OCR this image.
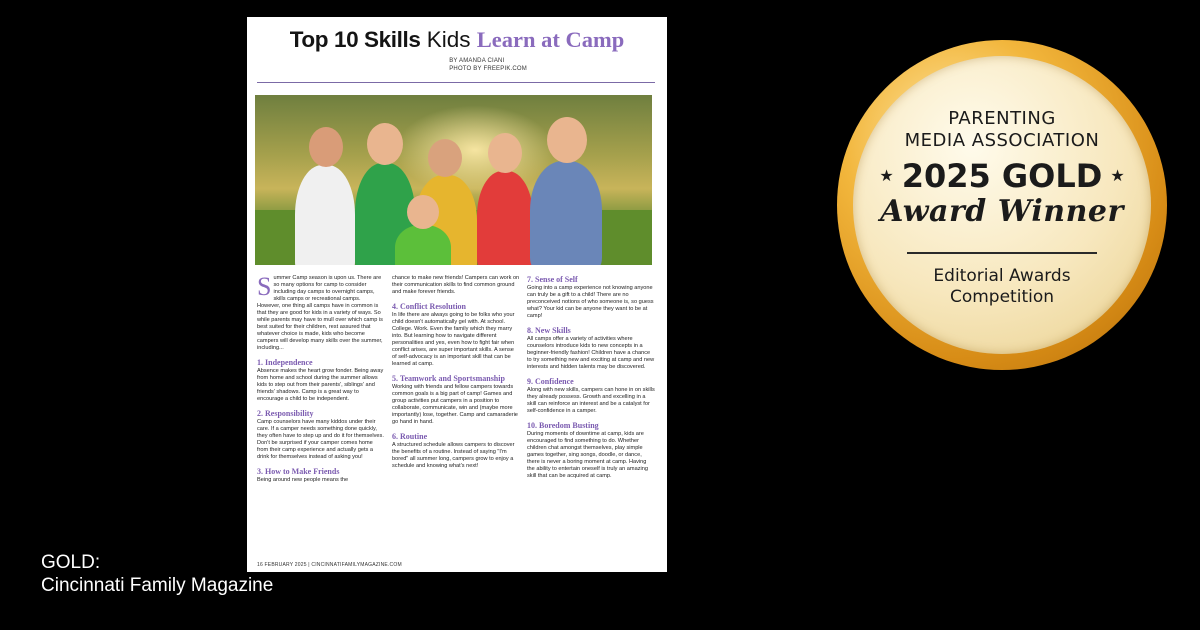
Top 10 Skills Kids Learn at Camp
BY AMANDA CIANI
PHOTO BY FREEPIK.COM

Summer Camp season is upon us. There are so many options for camp to consider including day camps to overnight camps, skills camps or recreational camps. However, one thing all camps have in common is that they are good for kids in a variety of ways. So while parents may have to mull over which camp is best suited for their children, rest assured that whatever choice is made, kids who become campers will develop many skills over the summer, including...

1. Independence

Absence makes the heart grow fonder. Being away from home and school during the summer allows kids to step out from their parents', siblings' and friends' shadows. Camp is a great way to encourage a child to be independent.

2. Responsibility

Camp counselors have many kiddos under their care. If a camper needs something done quickly, they often have to step up and do it for themselves. Don't be surprised if your camper comes home from their camp experience and actually gets a drink for themselves instead of asking you!

3. How to Make Friends

Being around new people means the

chance to make new friends! Campers can work on their communication skills to find common ground and make forever friends.

4. Conflict Resolution

In life there are always going to be folks who your child doesn't automatically gel with. At school. College. Work. Even the family which they marry into. But learning how to navigate different personalities and yes, even how to fight fair when conflict arises, are super important skills. A sense of self-advocacy is an important skill that can be learned at camp.

5. Teamwork and Sportsmanship

Working with friends and fellow campers towards common goals is a big part of camp! Games and group activities put campers in a position to collaborate, communicate, win and (maybe more importantly) lose, together. Camp and camaraderie go hand in hand.

6. Routine

A structured schedule allows campers to discover the benefits of a routine. Instead of saying "I'm bored" all summer long, campers grow to enjoy a schedule and knowing what's next!

7. Sense of Self

Going into a camp experience not knowing anyone can truly be a gift to a child! There are no preconceived notions of who someone is, so guess what? Your kid can be anyone they want to be at camp!

8. New Skills

All camps offer a variety of activities where counselors introduce kids to new concepts in a beginner-friendly fashion! Children have a chance to try something new and exciting at camp and new interests and hidden talents may be discovered.

9. Confidence

Along with new skills, campers can hone in on skills they already possess. Growth and excelling in a skill can reinforce an interest and be a catalyst for self-confidence in a camper.

10. Boredom Busting

During moments of downtime at camp, kids are encouraged to find something to do. Whether children chat amongst themselves, play simple games together, sing songs, doodle, or dance, there is never a boring moment at camp. Having the ability to entertain oneself is truly an amazing skill that can be acquired at camp.

16 FEBRUARY 2025 | CINCINNATIFAMILYMAGAZINE.COM
PARENTING
MEDIA ASSOCIATION
★ 2025 GOLD ★
Award Winner
Editorial Awards
Competition
GOLD:
Cincinnati Family Magazine
